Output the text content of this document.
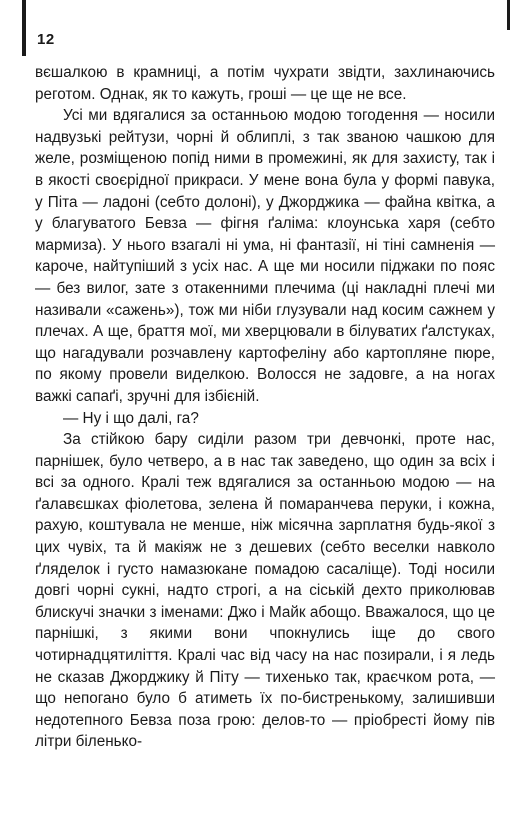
12

вєшалкою в крамниці, а потім чухрати звідти, захлинаючись реготом. Однак, як то кажуть, гроші — це ще не все.

Усі ми вдягалися за останньою модою тогодення — носили надвузькі рейтузи, чорні й облиплі, з так званою чашкою для желе, розміщеною попід ними в промежині, як для захисту, так і в якості своєрідної прикраси. У мене вона була у формі павука, у Піта — ладоні (себто долоні), у Джорджика — файна квітка, а у благуватого Бевза — фігня ґаліма: клоунська харя (себто мармиза). У нього взагалі ні ума, ні фантазії, ні тіні самненія — кароче, найтупіший з усіх нас. А ще ми носили піджаки по пояс — без вилог, зате з отакенними плечима (ці накладні плечі ми називали «сажень»), тож ми ніби глузували над косим сажнем у плечах. А ще, браття мої, ми хверцювали в білуватих ґалстуках, що нагадували розчавлену картофеліну або картопляне пюре, по якому провели виделкою. Волосся не задовге, а на ногах важкі сапаґі, зручні для ізбієній.

— Ну і що далі, га?

За стійкою бару сиділи разом три девчонкі, проте нас, парнішек, було четверо, а в нас так заведено, що один за всіх і всі за одного. Кралі теж вдягалися за останньою модою — на ґалавєшках фіолетова, зелена й помаранчева перуки, і кожна, рахую, коштувала не менше, ніж місячна зарплатня будь-якої з цих чувіх, та й макіяж не з дешевих (себто веселки навколо ґляделок і густо намазюкане помадою сасаліще). Тоді носили довгі чорні сукні, надто строгі, а на сіській дехто приколював блискучі значки з іменами: Джо і Майк абощо. Вважалося, що це парнішкі, з якими вони чпокнулись іще до свого чотирнадцятиліття. Кралі час від часу на нас позирали, і я ледь не сказав Джорджику й Піту — тихенько так, краєчком рота, — що непогано було б атиметь їх по-бистренькому, залишивши недотепного Бевза поза грою: делов-то — пріобресті йому пів літри біленько-
